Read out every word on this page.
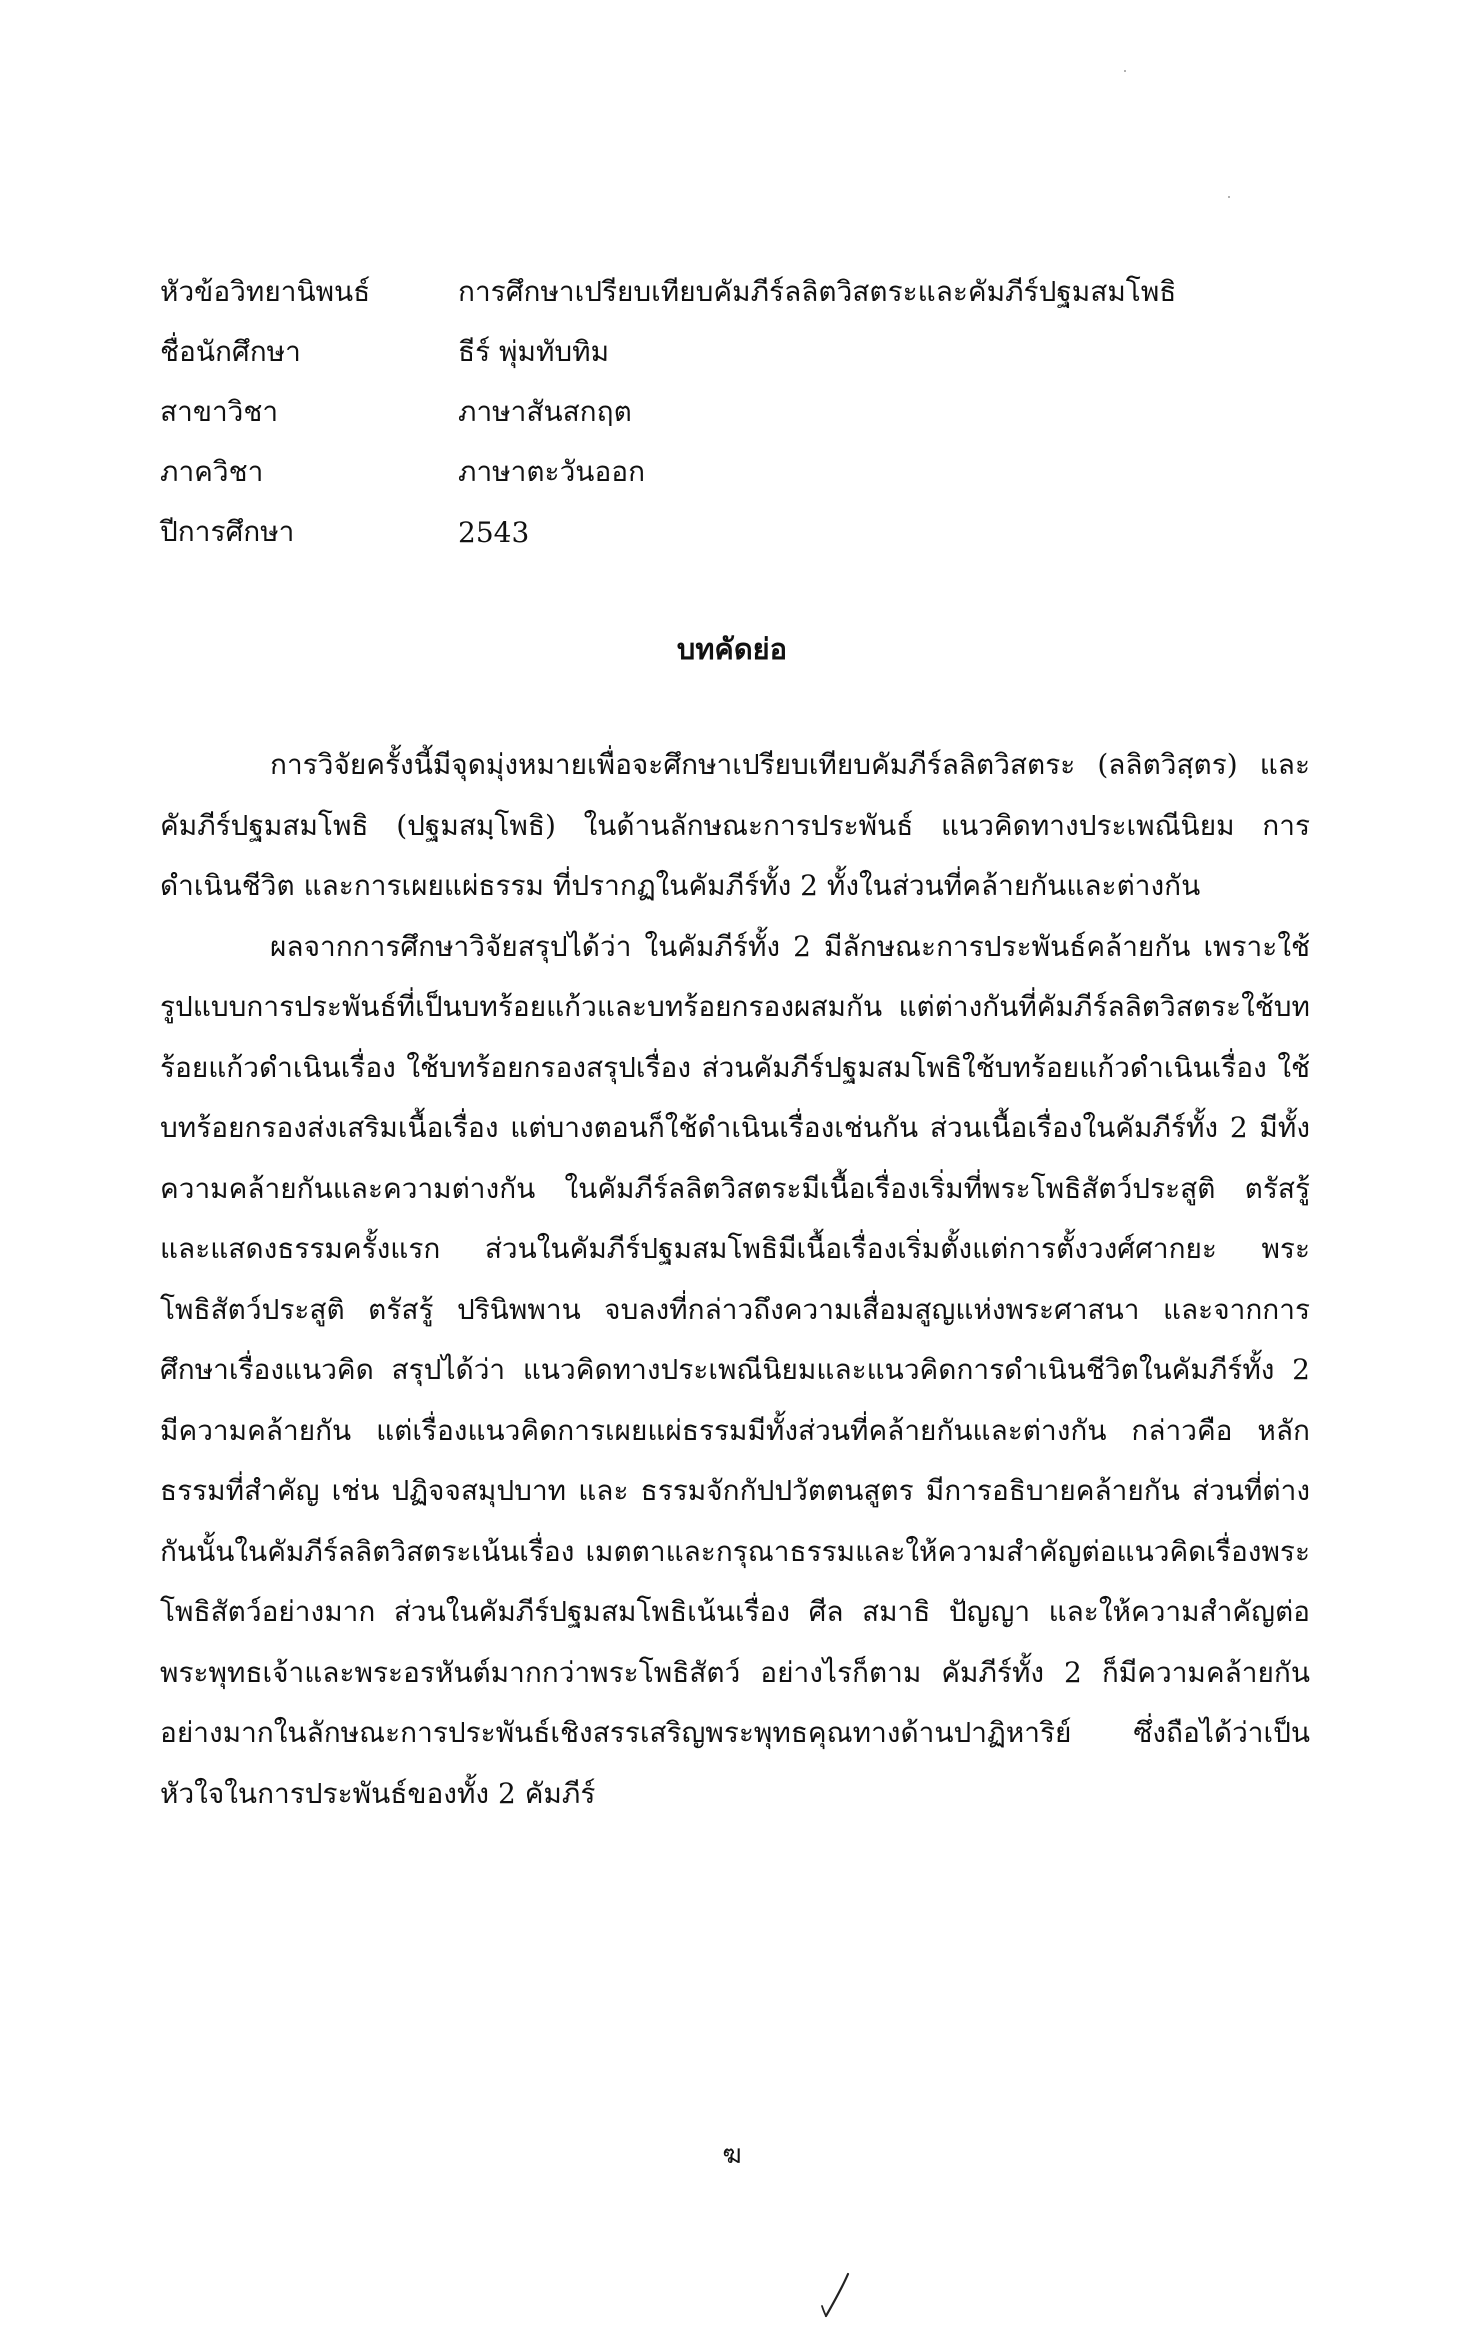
หัวข้อวิทยานิพนธ์	การศึกษาเปรียบเทียบคัมภีร์ลลิตวิสตระและคัมภีร์ปฐมสมโพธิ
ชื่อนักศึกษา	ธีร์ พุ่มทับทิม
สาขาวิชา	ภาษาสันสกฤต
ภาควิชา	ภาษาตะวันออก
ปีการศึกษา	2543
บทคัดย่อ

การวิจัยครั้งนี้มีจุดมุ่งหมายเพื่อจะศึกษาเปรียบเทียบคัมภีร์ลลิตวิสตระ (ลลิตวิสฺตร) และคัมภีร์ปฐมสมโพธิ (ปฐมสมฺโพธิ) ในด้านลักษณะการประพันธ์ แนวคิดทางประเพณีนิยม การดำเนินชีวิต และการเผยแผ่ธรรม ที่ปรากฏในคัมภีร์ทั้ง 2 ทั้งในส่วนที่คล้ายกันและต่างกัน

ผลจากการศึกษาวิจัยสรุปได้ว่า ในคัมภีร์ทั้ง 2 มีลักษณะการประพันธ์คล้ายกัน เพราะใช้รูปแบบการประพันธ์ที่เป็นบทร้อยแก้วและบทร้อยกรองผสมกัน แต่ต่างกันที่คัมภีร์ลลิตวิสตระใช้บทร้อยแก้วดำเนินเรื่อง ใช้บทร้อยกรองสรุปเรื่อง ส่วนคัมภีร์ปฐมสมโพธิใช้บทร้อยแก้วดำเนินเรื่อง ใช้บทร้อยกรองส่งเสริมเนื้อเรื่อง แต่บางตอนก็ใช้ดำเนินเรื่องเช่นกัน ส่วนเนื้อเรื่องในคัมภีร์ทั้ง 2 มีทั้งความคล้ายกันและความต่างกัน ในคัมภีร์ลลิตวิสตระมีเนื้อเรื่องเริ่มที่พระโพธิสัตว์ประสูติ ตรัสรู้ และแสดงธรรมครั้งแรก ส่วนในคัมภีร์ปฐมสมโพธิมีเนื้อเรื่องเริ่มตั้งแต่การตั้งวงศ์ศากยะ พระโพธิสัตว์ประสูติ ตรัสรู้ ปรินิพพาน จบลงที่กล่าวถึงความเสื่อมสูญแห่งพระศาสนา และจากการศึกษาเรื่องแนวคิด สรุปได้ว่า แนวคิดทางประเพณีนิยมและแนวคิดการดำเนินชีวิตในคัมภีร์ทั้ง 2 มีความคล้ายกัน แต่เรื่องแนวคิดการเผยแผ่ธรรมมีทั้งส่วนที่คล้ายกันและต่างกัน กล่าวคือ หลักธรรมที่สำคัญ เช่น ปฏิจจสมุปบาท และ ธรรมจักกัปปวัตตนสูตร มีการอธิบายคล้ายกัน ส่วนที่ต่างกันนั้นในคัมภีร์ลลิตวิสตระเน้นเรื่อง เมตตาและกรุณาธรรมและให้ความสำคัญต่อแนวคิดเรื่องพระโพธิสัตว์อย่างมาก ส่วนในคัมภีร์ปฐมสมโพธิเน้นเรื่อง ศีล สมาธิ ปัญญา และให้ความสำคัญต่อพระพุทธเจ้าและพระอรหันต์มากกว่าพระโพธิสัตว์ อย่างไรก็ตาม คัมภีร์ทั้ง 2 ก็มีความคล้ายกันอย่างมากในลักษณะการประพันธ์เชิงสรรเสริญพระพุทธคุณทางด้านปาฏิหาริย์ ซึ่งถือได้ว่าเป็นหัวใจในการประพันธ์ของทั้ง 2 คัมภีร์

ฆ
